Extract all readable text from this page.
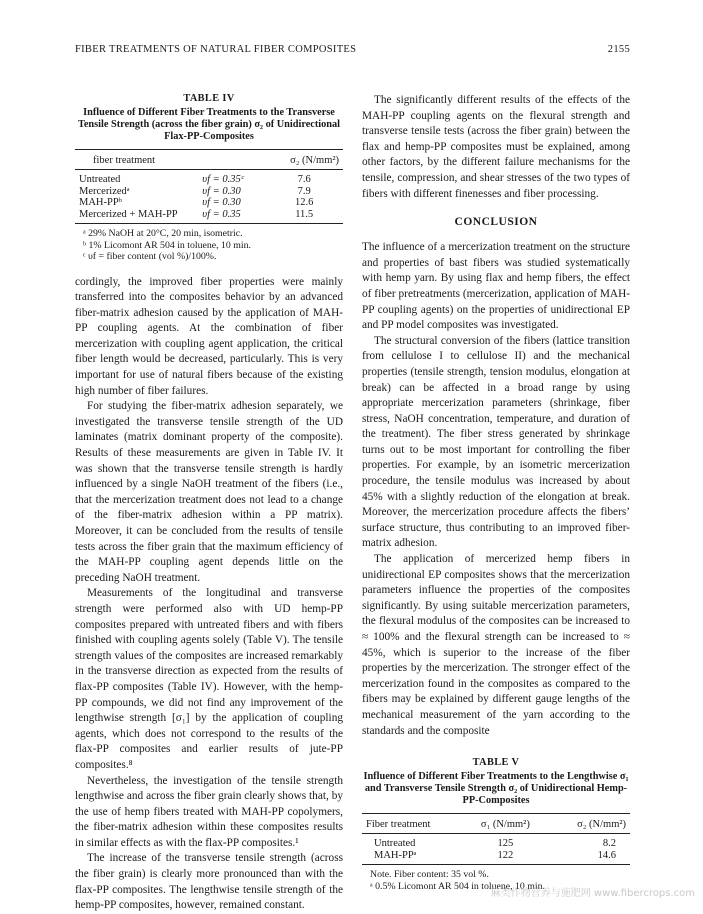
FIBER TREATMENTS OF NATURAL FIBER COMPOSITES	2155
TABLE IV
Influence of Different Fiber Treatments to the Transverse Tensile Strength (across the fiber grain) σ₂ of Unidirectional Flax-PP-Composites
fiber treatment		σ₂ (N/mm²)
Untreated	υf = 0.35ᶜ	7.6
Mercerizedᵃ	υf = 0.30	7.9
MAH-PPᵇ	υf = 0.30	12.6
Mercerized + MAH-PP	υf = 0.35	11.5
ᵃ 29% NaOH at 20°C, 20 min, isometric.
ᵇ 1% Licomont AR 504 in toluene, 10 min.
ᶜ υf = fiber content (vol %)/100%.

cordingly, the improved fiber properties were mainly transferred into the composites behavior by an advanced fiber-matrix adhesion caused by the application of MAH-PP coupling agents. At the combination of fiber mercerization with coupling agent application, the critical fiber length would be decreased, particularly. This is very important for use of natural fibers because of the existing high number of fiber failures.

For studying the fiber-matrix adhesion separately, we investigated the transverse tensile strength of the UD laminates (matrix dominant property of the composite). Results of these measurements are given in Table IV. It was shown that the transverse tensile strength is hardly influenced by a single NaOH treatment of the fibers (i.e., that the mercerization treatment does not lead to a change of the fiber-matrix adhesion within a PP matrix). Moreover, it can be concluded from the results of tensile tests across the fiber grain that the maximum efficiency of the MAH-PP coupling agent depends little on the preceding NaOH treatment.

Measurements of the longitudinal and transverse strength were performed also with UD hemp-PP composites prepared with untreated fibers and with fibers finished with coupling agents solely (Table V). The tensile strength values of the composites are increased remarkably in the transverse direction as expected from the results of flax-PP composites (Table IV). However, with the hemp-PP compounds, we did not find any improvement of the lengthwise strength [σ₁] by the application of coupling agents, which does not correspond to the results of the flax-PP composites and earlier results of jute-PP composites.⁸

Nevertheless, the investigation of the tensile strength lengthwise and across the fiber grain clearly shows that, by the use of hemp fibers treated with MAH-PP copolymers, the fiber-matrix adhesion within these composites results in similar effects as with the flax-PP composites.¹

The increase of the transverse tensile strength (across the fiber grain) is clearly more pronounced than with the flax-PP composites. The lengthwise tensile strength of the hemp-PP composites, however, remained constant.

The significantly different results of the effects of the MAH-PP coupling agents on the flexural strength and transverse tensile tests (across the fiber grain) between the flax and hemp-PP composites must be explained, among other factors, by the different failure mechanisms for the tensile, compression, and shear stresses of the two types of fibers with different finenesses and fiber processing.

CONCLUSION

The influence of a mercerization treatment on the structure and properties of bast fibers was studied systematically with hemp yarn. By using flax and hemp fibers, the effect of fiber pretreatments (mercerization, application of MAH-PP coupling agents) on the properties of unidirectional EP and PP model composites was investigated.

The structural conversion of the fibers (lattice transition from cellulose I to cellulose II) and the mechanical properties (tensile strength, tension modulus, elongation at break) can be affected in a broad range by using appropriate mercerization parameters (shrinkage, fiber stress, NaOH concentration, temperature, and duration of the treatment). The fiber stress generated by shrinkage turns out to be most important for controlling the fiber properties. For example, by an isometric mercerization procedure, the tensile modulus was increased by about 45% with a slightly reduction of the elongation at break. Moreover, the mercerization procedure affects the fibers’ surface structure, thus contributing to an improved fiber-matrix adhesion.

The application of mercerized hemp fibers in unidirectional EP composites shows that the mercerization parameters influence the properties of the composites significantly. By using suitable mercerization parameters, the flexural modulus of the composites can be increased to ≈ 100% and the flexural strength can be increased to ≈ 45%, which is superior to the increase of the fiber properties by the mercerization. The stronger effect of the mercerization found in the composites as compared to the fibers may be explained by different gauge lengths of the mechanical measurement of the yarn according to the standards and the composite

TABLE V
Influence of Different Fiber Treatments to the Lengthwise σ₁ and Transverse Tensile Strength σ₂ of Unidirectional Hemp-PP-Composites
Fiber treatment	σ₁ (N/mm²)	σ₂ (N/mm²)
Untreated	125	8.2
MAH-PPᵃ	122	14.6
Note. Fiber content: 35 vol %.
ᵃ 0.5% Licomont AR 504 in toluene, 10 min.
麻类作物营养与施肥网 www.fibercrops.com
